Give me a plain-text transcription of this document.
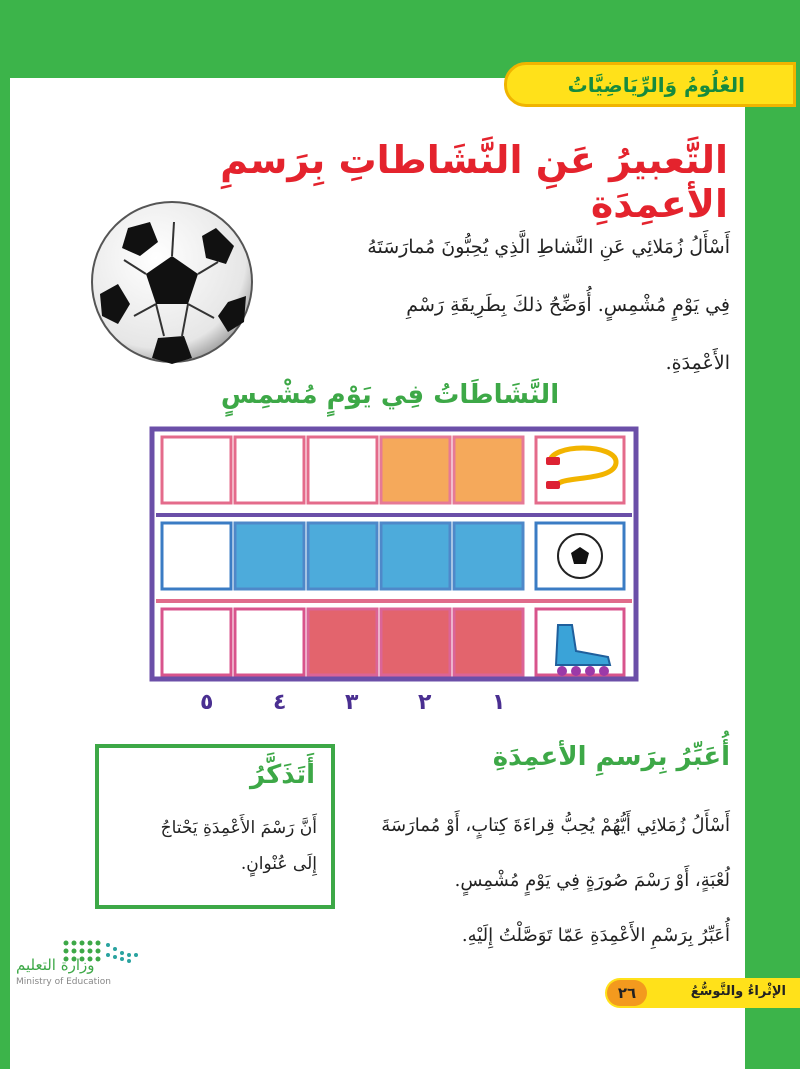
العُلُومُ وَالرِّيَاضِيَّاتُ
التَّعبيرُ عَنِ النَّشَاطاتِ بِرَسمِ الأعمِدَةِ
أَسْأَلُ زُمَلائِي عَنِ النَّشاطِ الَّذِي يُحِبُّونَ مُمارَسَتَهُ
فِي يَوْمٍ مُشْمِسٍ. أُوَضِّحُ ذلكَ بِطَرِيقَةِ رَسْمِ
الأَعْمِدَةِ.
النَّشَاطَاتُ فِي يَوْمٍ مُشْمِسٍ
٥	٤	٣	٢	١
أُعَبِّرُ بِرَسمِ الأعمِدَةِ
أَسْأَلُ زُمَلائِي أَيُّهُمْ يُحِبُّ قِراءَةَ كِتابٍ، أَوْ مُمارَسَةَ
لُعْبَةٍ، أَوْ رَسْمَ صُورَةٍ فِي يَوْمٍ مُشْمِسٍ.
أُعَبِّرُ بِرَسْمِ الأَعْمِدَةِ عَمّا تَوَصَّلْتُ إِلَيْهِ.
أَتَذَكَّرُ
أَنَّ رَسْمَ الأَعْمِدَةِ يَحْتاجُ
إِلَى عُنْوانٍ.
وزارة التعليم
Ministry of Education
الإثْراءُ والتَّوسُّعُ
٢٦
